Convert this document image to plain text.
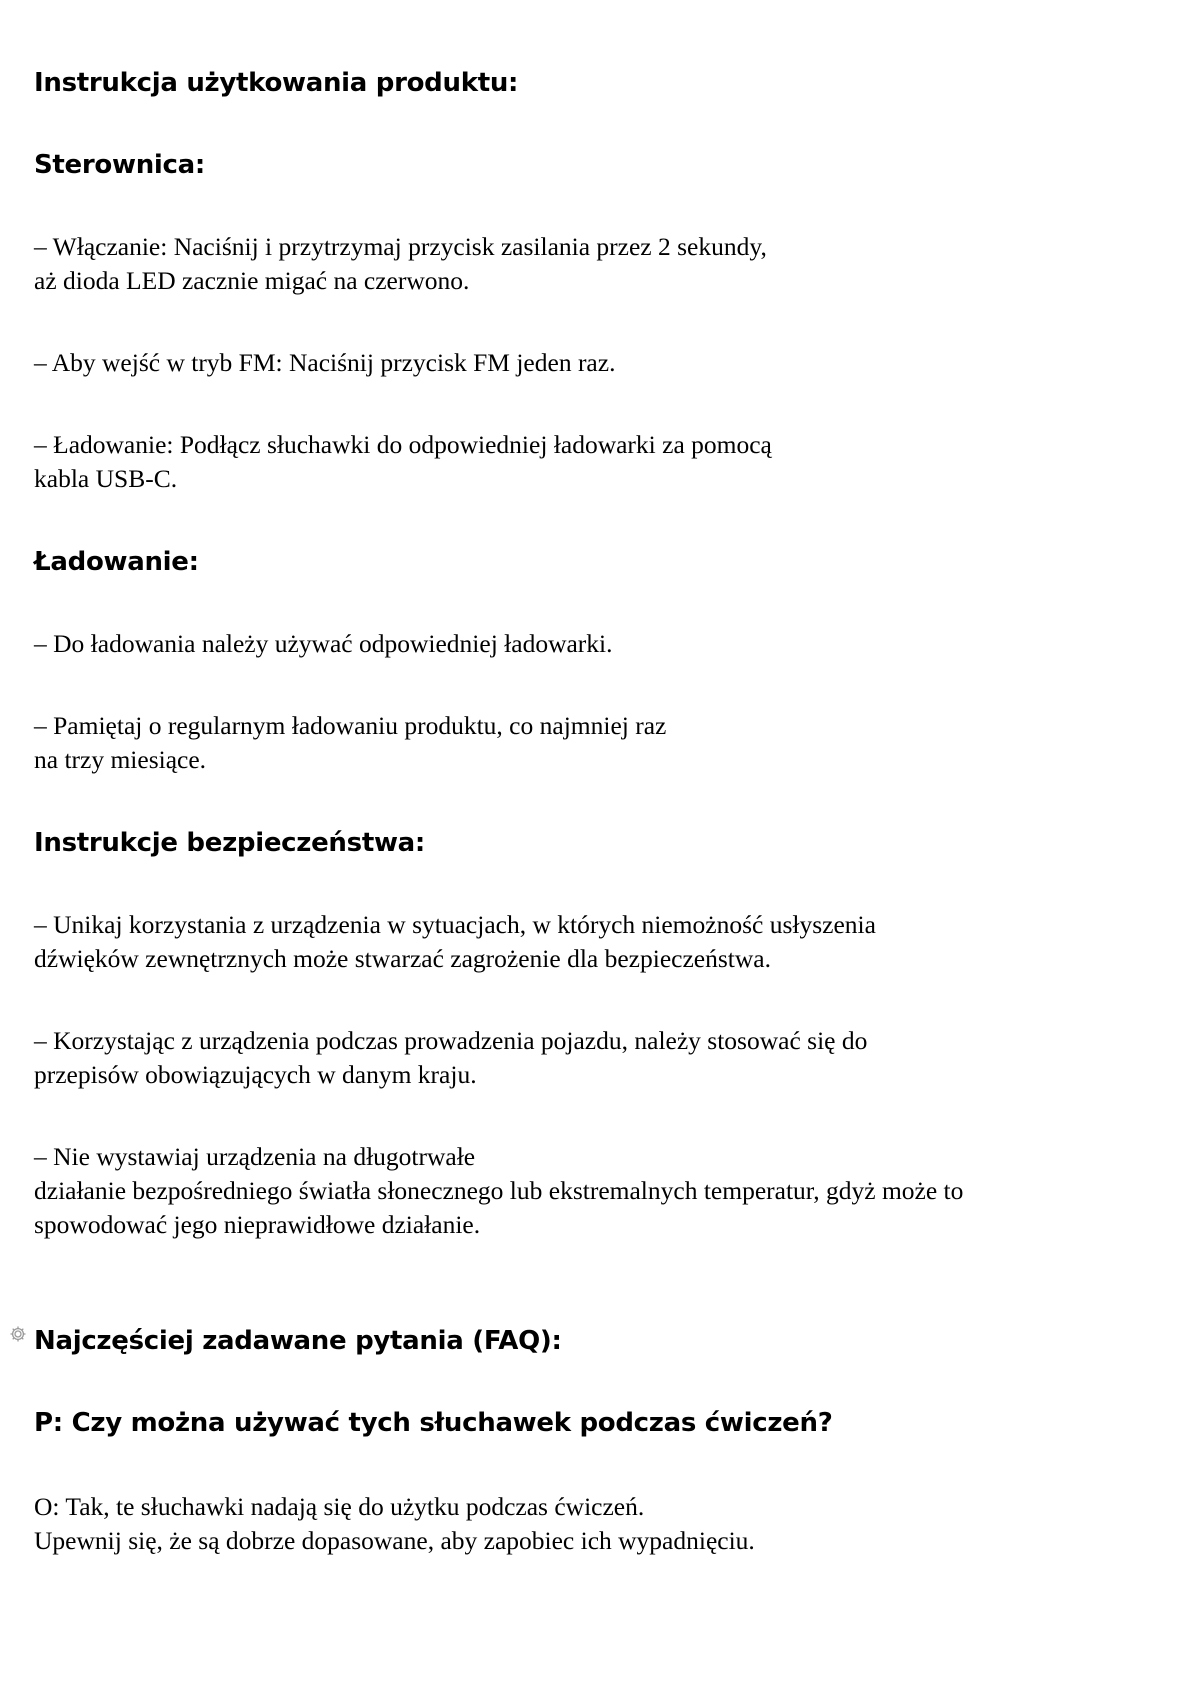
Instrukcja użytkowania produktu:
Sterownica:
– Włączanie: Naciśnij i przytrzymaj przycisk zasilania przez 2 sekundy,
aż dioda LED zacznie migać na czerwono.
– Aby wejść w tryb FM: Naciśnij przycisk FM jeden raz.
– Ładowanie: Podłącz słuchawki do odpowiedniej ładowarki za pomocą
kabla USB-C.
Ładowanie:
– Do ładowania należy używać odpowiedniej ładowarki.
– Pamiętaj o regularnym ładowaniu produktu, co najmniej raz
na trzy miesiące.
Instrukcje bezpieczeństwa:
– Unikaj korzystania z urządzenia w sytuacjach, w których niemożność usłyszenia
dźwięków zewnętrznych może stwarzać zagrożenie dla bezpieczeństwa.
– Korzystając z urządzenia podczas prowadzenia pojazdu, należy stosować się do
przepisów obowiązujących w danym kraju.
– Nie wystawiaj urządzenia na długotrwałe
działanie bezpośredniego światła słonecznego lub ekstremalnych temperatur, gdyż może to
spowodować jego nieprawidłowe działanie.
Najczęściej zadawane pytania (FAQ):
P: Czy można używać tych słuchawek podczas ćwiczeń?
O: Tak, te słuchawki nadają się do użytku podczas ćwiczeń.
Upewnij się, że są dobrze dopasowane, aby zapobiec ich wypadnięciu.
